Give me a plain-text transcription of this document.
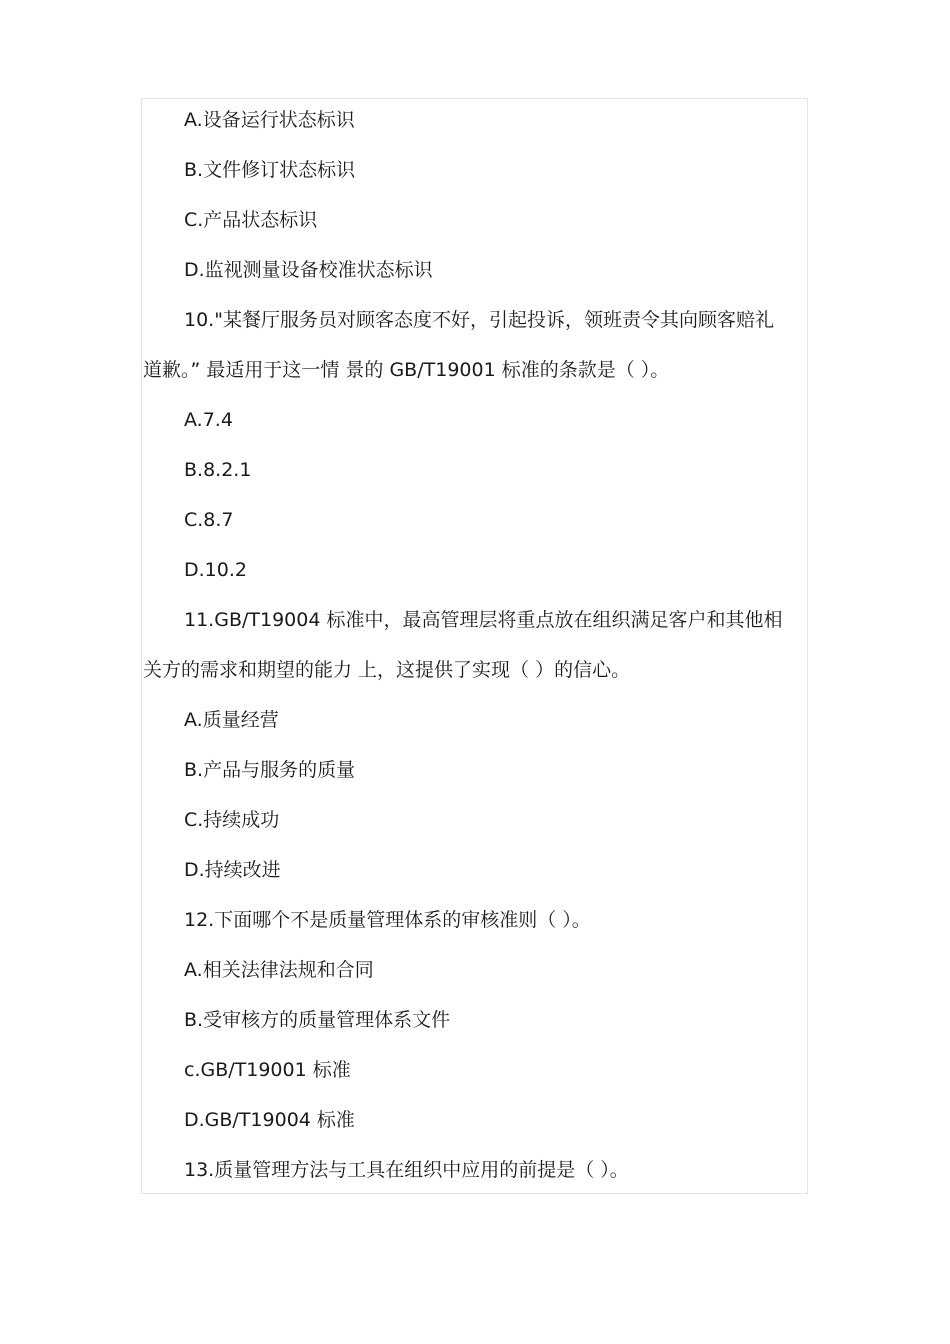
A.设备运行状态标识
B.文件修订状态标识
C.产品状态标识
D.监视测量设备校准状态标识
10."某餐厅服务员对顾客态度不好，引起投诉，领班责令其向顾客赔礼
道歉。” 最适用于这一情 景的 GB/T19001 标准的条款是（ ）。
A.7.4
B.8.2.1
C.8.7
D.10.2
11.GB/T19004 标准中，最高管理层将重点放在组织满足客户和其他相
关方的需求和期望的能力 上，这提供了实现（ ）的信心。
A.质量经营
B.产品与服务的质量
C.持续成功
D.持续改进
12.下面哪个不是质量管理体系的审核准则（ ）。
A.相关法律法规和合同
B.受审核方的质量管理体系文件
c.GB/T19001 标准
D.GB/T19004 标准
13.质量管理方法与工具在组织中应用的前提是（ ）。
